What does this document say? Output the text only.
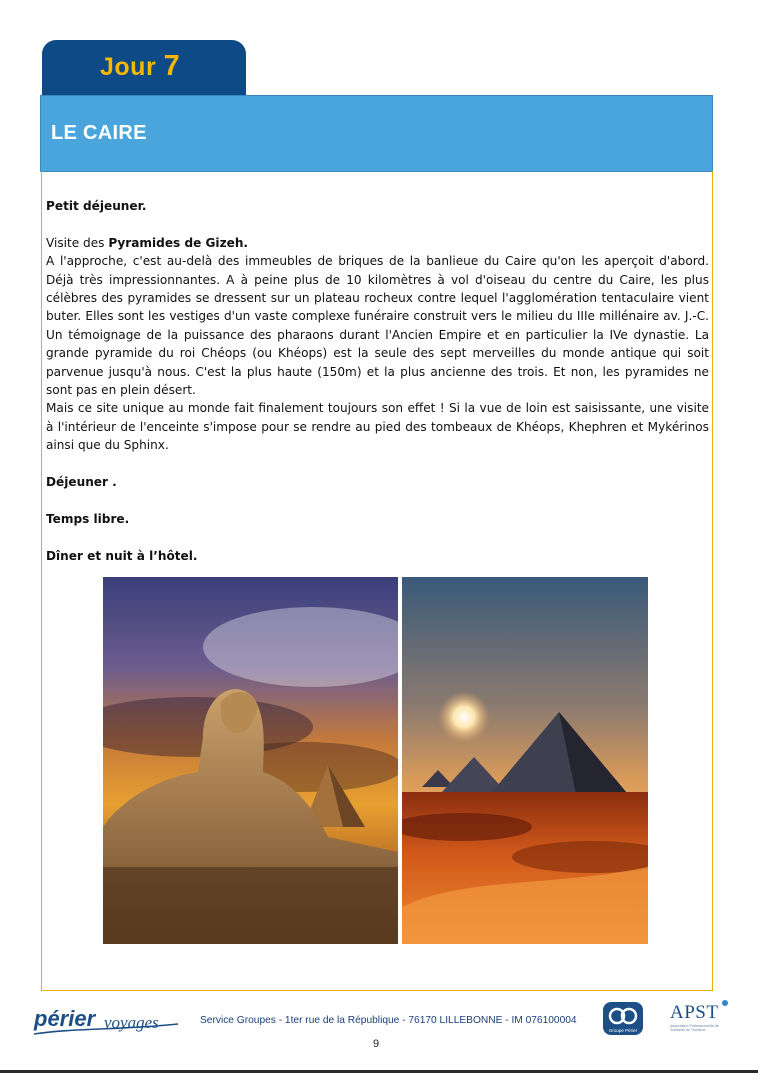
Jour 7
LE CAIRE

Petit déjeuner.

Visite des Pyramides de Gizeh.

A l'approche, c'est au-delà des immeubles de briques de la banlieue du Caire qu'on les aperçoit d'abord. Déjà très impressionnantes. A à peine plus de 10 kilomètres à vol d'oiseau du centre du Caire, les plus célèbres des pyramides se dressent sur un plateau rocheux contre lequel l'agglomération tentaculaire vient buter. Elles sont les vestiges d'un vaste complexe funéraire construit vers le milieu du IIIe millénaire av. J.-C. Un témoignage de la puissance des pharaons durant l'Ancien Empire et en particulier la IVe dynastie. La grande pyramide du roi Chéops (ou Khéops) est la seule des sept merveilles du monde antique qui soit parvenue jusqu'à nous. C'est la plus haute (150m) et la plus ancienne des trois. Et non, les pyramides ne sont pas en plein désert.

Mais ce site unique au monde fait finalement toujours son effet ! Si la vue de loin est saisissante, une visite à l'intérieur de l'enceinte s'impose pour se rendre au pied des tombeaux de Khéops, Khephren et Mykérinos ainsi que du Sphinx.

Déjeuner .

Temps libre.

Dîner et nuit à l’hôtel.

périer voyages	Service Groupes - 1ter rue de la République - 76170 LILLEBONNE - IM 076100004
9
Groupe Périer
APST
Association Professionnelle de Solidarité du Tourisme
